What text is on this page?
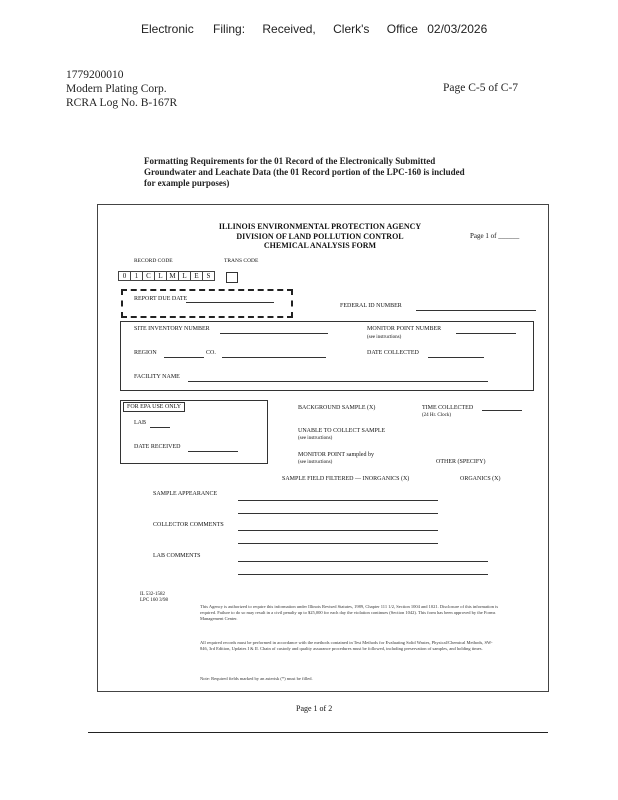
Electronic Filing: Received, Clerk's Office 02/03/2026
1779200010
Modern Plating Corp.
RCRA Log No. B-167R
Page C-5 of C-7
Formatting Requirements for the 01 Record of the Electronically Submitted
Groundwater and Leachate Data (the 01 Record portion of the LPC-160 is included
for example purposes)
ILLINOIS ENVIRONMENTAL PROTECTION AGENCY
DIVISION OF LAND POLLUTION CONTROL
CHEMICAL ANALYSIS FORM
Page 1 of ______
RECORD CODE	TRANS CODE
0	1	C	L M L	E	S
REPORT DUE DATE
FEDERAL ID NUMBER
SITE INVENTORY NUMBER	MONITOR POINT NUMBER
(see instructions)
REGION	CO.	DATE COLLECTED
FACILITY NAME
FOR EPA USE ONLY
LAB
DATE RECEIVED
BACKGROUND SAMPLE (X)	TIME COLLECTED
(24 Hr. Clock)
UNABLE TO COLLECT SAMPLE
(see instructions)
MONITOR POINT sampled by
(see instructions)	OTHER (SPECIFY)
SAMPLE FIELD FILTERED — INORGANICS (X)	ORGANICS (X)
SAMPLE APPEARANCE
COLLECTOR COMMENTS
LAB COMMENTS
IL 532-1582
LPC 160 3/98
This Agency is authorized to require this information under Illinois Revised Statutes, 1989, Chapter 111 1/2, Section 1004 and 1021. Disclosure of this information is required. Failure to do so may result in a civil penalty up to $25,000 for each day the violation continues (Section 1042). This form has been approved by the Forms Management Center.
All required records must be performed in accordance with the methods contained in Test Methods for Evaluating Solid Wastes, Physical/Chemical Methods, SW-846, 3rd Edition, Updates I & II. Chain of custody and quality assurance procedures must be followed, including preservation of samples, and holding times.
Note: Required fields marked by an asterisk (*) must be filled.
Page 1 of 2
